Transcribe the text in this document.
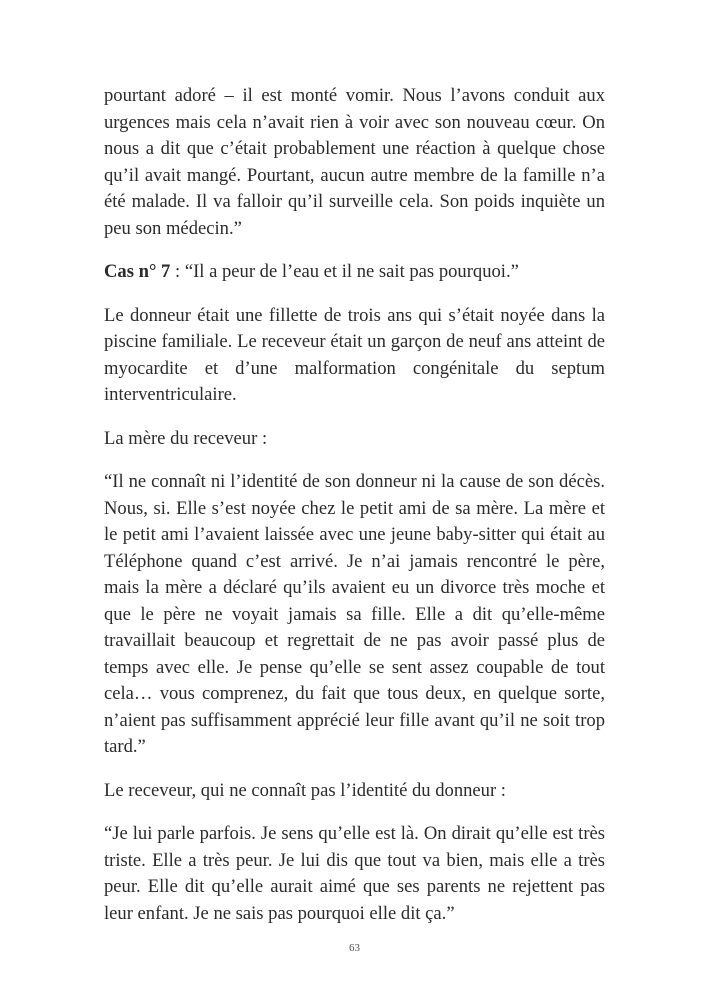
pourtant adoré – il est monté vomir. Nous l’avons conduit aux urgences mais cela n’avait rien à voir avec son nouveau cœur. On nous a dit que c’était probablement une réaction à quelque chose qu’il avait mangé. Pourtant, aucun autre membre de la famille n’a été malade. Il va falloir qu’il surveille cela. Son poids inquiète un peu son médecin.”

Cas n° 7 : “Il a peur de l’eau et il ne sait pas pourquoi.”

Le donneur était une fillette de trois ans qui s’était noyée dans la piscine familiale. Le receveur était un garçon de neuf ans atteint de myocardite et d’une malformation congénitale du septum interventriculaire.

La mère du receveur :

“Il ne connaît ni l’identité de son donneur ni la cause de son décès. Nous, si. Elle s’est noyée chez le petit ami de sa mère. La mère et le petit ami l’avaient laissée avec une jeune baby-sitter qui était au Téléphone quand c’est arrivé. Je n’ai jamais rencontré le père, mais la mère a déclaré qu’ils avaient eu un divorce très moche et que le père ne voyait jamais sa fille. Elle a dit qu’elle-même travaillait beaucoup et regrettait de ne pas avoir passé plus de temps avec elle. Je pense qu’elle se sent assez coupable de tout cela… vous comprenez, du fait que tous deux, en quelque sorte, n’aient pas suffisamment apprécié leur fille avant qu’il ne soit trop tard.”

Le receveur, qui ne connaît pas l’identité du donneur :

“Je lui parle parfois. Je sens qu’elle est là. On dirait qu’elle est très triste. Elle a très peur. Je lui dis que tout va bien, mais elle a très peur. Elle dit qu’elle aurait aimé que ses parents ne rejettent pas leur enfant. Je ne sais pas pourquoi elle dit ça.”

63
